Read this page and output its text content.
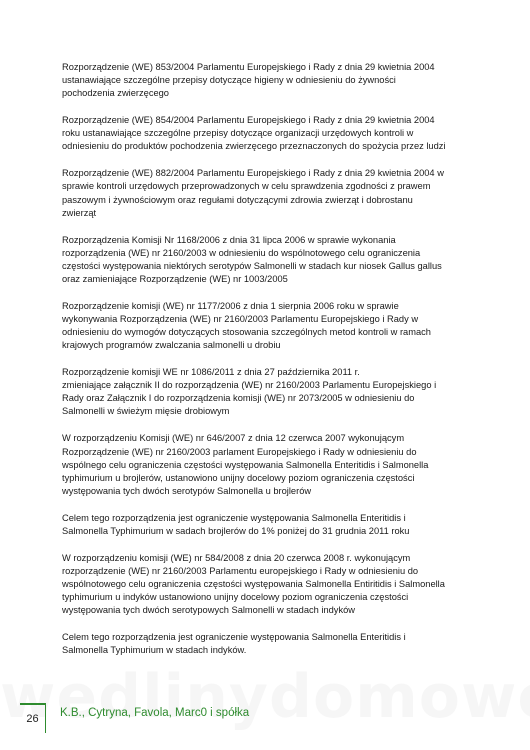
Rozporządzenie (WE) 853/2004 Parlamentu Europejskiego i Rady z dnia 29 kwietnia 2004
ustanawiające szczególne przepisy dotyczące higieny w odniesieniu do żywności
pochodzenia zwierzęcego

Rozporządzenie (WE) 854/2004 Parlamentu Europejskiego i Rady z dnia 29 kwietnia 2004
roku ustanawiające szczególne przepisy dotyczące organizacji urzędowych kontroli w
odniesieniu do produktów pochodzenia zwierzęcego przeznaczonych do spożycia przez ludzi

Rozporządzenie (WE) 882/2004 Parlamentu Europejskiego i Rady z dnia 29 kwietnia 2004 w
sprawie kontroli urzędowych przeprowadzonych w celu sprawdzenia zgodności z prawem
paszowym i żywnościowym oraz regułami dotyczącymi zdrowia zwierząt i dobrostanu
zwierząt

Rozporządzenia Komisji Nr 1168/2006 z dnia 31 lipca 2006 w sprawie wykonania
rozporządzenia (WE) nr 2160/2003 w odniesieniu do wspólnotowego celu ograniczenia
częstości występowania niektórych serotypów Salmonelli w stadach kur niosek Gallus gallus
oraz zamieniające Rozporządzenie (WE) nr 1003/2005

Rozporządzenie komisji (WE) nr 1177/2006 z dnia 1 sierpnia 2006 roku w sprawie
wykonywania Rozporządzenia (WE) nr 2160/2003 Parlamentu Europejskiego i Rady w
odniesieniu do wymogów dotyczących stosowania szczególnych metod kontroli w ramach
krajowych programów zwalczania salmonelli u drobiu

Rozporządzenie komisji WE nr 1086/2011 z dnia 27 października 2011 r.
zmieniające załącznik II do rozporządzenia (WE) nr 2160/2003 Parlamentu Europejskiego i
Rady oraz Załącznik I do rozporządzenia komisji (WE) nr 2073/2005 w odniesieniu do
Salmonelli w świeżym mięsie drobiowym

W rozporządzeniu Komisji (WE) nr 646/2007 z dnia 12 czerwca 2007 wykonującym
Rozporządzenie (WE) nr 2160/2003 parlament Europejskiego i Rady w odniesieniu do
wspólnego celu ograniczenia częstości występowania Salmonella Enteritidis i Salmonella
typhimurium u brojlerów, ustanowiono unijny docelowy poziom ograniczenia częstości
występowania tych dwóch serotypów Salmonella u brojlerów

Celem tego rozporządzenia jest ograniczenie występowania Salmonella Enteritidis i
Salmonella Typhimurium w sadach brojlerów do 1% poniżej do 31 grudnia 2011 roku

W rozporządzeniu komisji (WE) nr 584/2008 z dnia 20 czerwca 2008 r. wykonującym
rozporządzenie (WE) nr 2160/2003 Parlamentu europejskiego i Rady w odniesieniu do
wspólnotowego celu ograniczenia częstości występowania Salmonella Entiritidis i Salmonella
typhimurium u indyków ustanowiono unijny docelowy poziom ograniczenia częstości
występowania tych dwóch serotypowych Salmonelli w stadach indyków

Celem tego rozporządzenia jest ograniczenie występowania Salmonella Enteritidis i
Salmonella Typhimurium w stadach indyków.

26	K.B., Cytryna, Favola, Marc0 i spółka
